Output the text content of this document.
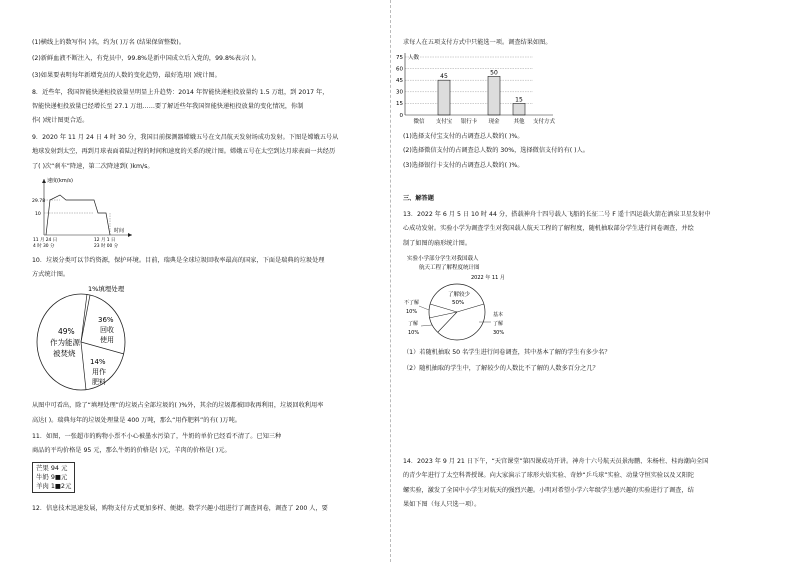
(1)横线上的数写作( )名，约为( )万名 (结果保留整数)。
(2)新鲜血液不断注入，有党员中，99.8%是新中国成立后入党的，99.8%表示( )。
(3)如果要表明每年新增党员的人数的变化趋势，最好选用( )统计图。
8．近些年，我国智能快递柜投放量呈明显上升趋势：2014 年智能快递柜投放量约 1.5 万组，到 2017 年，
智能快递柜投放量已经增长至 27.1 万组……要了解近些年我国智能快递柜投放量的变化情况，你制
作( )统计图更合适。
9．2020 年 11 月 24 日 4 时 30 分，我国目前探测器嫦娥五号在文昌航天发射场成功发射。下图是嫦娥五号从
地球发射到太空，再到月球表面着陆过程的时间和速度的关系的统计图。嫦娥五号在太空到达月球表面一共经历
了( )次“刹车”降速，第二次降速到( )km/s。
速度(km/s)
时间
29.78
10
11 月 24 日
4 时 30 分
12 月 1 日
23 时 00 分
10．垃圾分类可以节约资源，保护环境。目前，瑞典是全球垃圾回收率最高的国家，下面是瑞典的垃圾处理
方式统计图。
1%填埋处理
36%
回收
使用
14%
用作
肥料
49%
作为能源
被焚烧
从图中可看出，除了“填埋处理”的垃圾占全部垃圾的( )%外，其余的垃圾都被回收再利用，垃圾回收利用率
高达( )。瑞典每年的垃圾处理量是 400 万吨，那么“用作肥料”的有( )万吨。
11．如图，一张超市的购物小票不小心被墨水污染了，牛奶的单价已经看不清了。已知三种
商品的平均价格是 95 元，那么牛奶的价格是( )元，羊肉的价格是( )元。
芒果 94 元
牛奶 9■元
羊肉 1■2元
12．信息技术迅速发展，购物支付方式更加多样、便捷。数学兴趣小组进行了调查问卷，调查了 200 人，要
求每人在五项支付方式中只能选一项。调查结果如图。
0
15
30
45
60
75
45
50
15
微信 支付宝 银行卡 现金	其他 支付方式
人数
(1)选择支付宝支付的占调查总人数的( )%。
(2)选择微信支付的占调查总人数的 30%，选择微信支付的有( )人。
(3)选择银行卡支付的占调查总人数的( )%。
三、解答题
13．2022 年 6 月 5 日 10 时 44 分，搭载神舟十四号载人飞船的长征二号 F 遥十四运载火箭在酒泉卫星发射中
心成功发射。实验小学为调查学生对我国载人航天工程的了解程度，随机抽取部分学生进行问卷调查，并绘
制了如图的扇形统计图。
实验小学部分学生对我国载人
航天工程了解程度统计图
2022 年 11 月
了解较少
50%
不了解
10%
了解
10%
基本
了解
30%
（1）若随机抽取 50 名学生进行问卷调查，其中基本了解的学生有多少名？
（2）随机抽取的学生中，了解较少的人数比不了解的人数多百分之几？
14．2023 年 9 月 21 日下午，“天宫课堂”第四课成功开讲。神舟十六号航天员景海鹏、朱杨柱、桂海潮向全国
的青少年进行了太空科普授课。向大家演示了球形火焰实验、奇妙“乒乓球”实验、动量守恒实验以及又阳陀
螺实验，激发了全国中小学生对航天的强烈兴趣。小明对希望小学六年级学生感兴趣的实验进行了调查，结
果如下图（每人只选一项）。
